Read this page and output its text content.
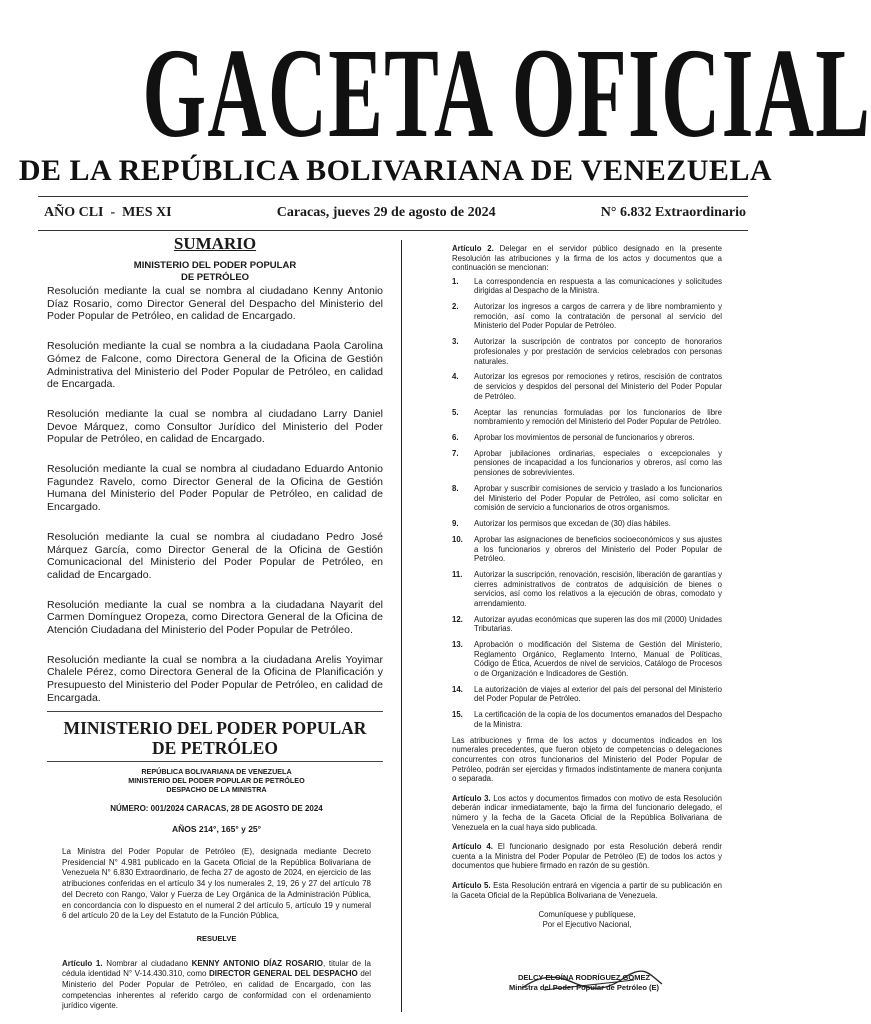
GACETA OFICIAL
DE LA REPÚBLICA BOLIVARIANA DE VENEZUELA
AÑO CLI  -  MES XI	Caracas, jueves 29 de agosto de 2024	N° 6.832 Extraordinario
SUMARIO
MINISTERIO DEL PODER POPULAR
DE PETRÓLEO
Resolución mediante la cual se nombra al ciudadano Kenny Antonio Díaz Rosario, como Director General del Despacho del Ministerio del Poder Popular de Petróleo, en calidad de Encargado.
Resolución mediante la cual se nombra a la ciudadana Paola Carolina Gómez de Falcone, como Directora General de la Oficina de Gestión Administrativa del Ministerio del Poder Popular de Petróleo, en calidad de Encargada.
Resolución mediante la cual se nombra al ciudadano Larry Daniel Devoe Márquez, como Consultor Jurídico del Ministerio del Poder Popular de Petróleo, en calidad de Encargado.
Resolución mediante la cual se nombra al ciudadano Eduardo Antonio Fagundez Ravelo, como Director General de la Oficina de Gestión Humana del Ministerio del Poder Popular de Petróleo, en calidad de Encargado.
Resolución mediante la cual se nombra al ciudadano Pedro José Márquez García, como Director General de la Oficina de Gestión Comunicacional del Ministerio del Poder Popular de Petróleo, en calidad de Encargado.
Resolución mediante la cual se nombra a la ciudadana Nayarit del Carmen Domínguez Oropeza, como Directora General de la Oficina de Atención Ciudadana del Ministerio del Poder Popular de Petróleo.
Resolución mediante la cual se nombra a la ciudadana Arelis Yoyimar Chalele Pérez, como Directora General de la Oficina de Planificación y Presupuesto del Ministerio del Poder Popular de Petróleo, en calidad de Encargada.
MINISTERIO DEL PODER POPULAR
DE PETRÓLEO
REPÚBLICA BOLIVARIANA DE VENEZUELA
MINISTERIO DEL PODER POPULAR DE PETRÓLEO
DESPACHO DE LA MINISTRA
NÚMERO: 001/2024 CARACAS, 28 DE AGOSTO DE 2024
AÑOS 214°, 165° y 25°
La Ministra del Poder Popular de Petróleo (E), designada mediante Decreto Presidencial N° 4.981 publicado en la Gaceta Oficial de la República Bolivariana de Venezuela N° 6.830 Extraordinario, de fecha 27 de agosto de 2024, en ejercicio de las atribuciones conferidas en el artículo 34 y los numerales 2, 19, 26 y 27 del artículo 78 del Decreto con Rango, Valor y Fuerza de Ley Orgánica de la Administración Pública, en concordancia con lo dispuesto en el numeral 2 del artículo 5, artículo 19 y numeral 6 del artículo 20 de la Ley del Estatuto de la Función Pública,
RESUELVE
Artículo 1. Nombrar al ciudadano KENNY ANTONIO DÍAZ ROSARIO, titular de la cédula identidad N° V-14.430.310, como DIRECTOR GENERAL DEL DESPACHO del Ministerio del Poder Popular de Petróleo, en calidad de Encargado, con las competencias inherentes al referido cargo de conformidad con el ordenamiento jurídico vigente.
Artículo 2. Delegar en el servidor público designado en la presente Resolución las atribuciones y la firma de los actos y documentos que a continuación se mencionan:
1.	La correspondencia en respuesta a las comunicaciones y solicitudes dirigidas al Despacho de la Ministra.
2.	Autorizar los ingresos a cargos de carrera y de libre nombramiento y remoción, así como la contratación de personal al servicio del Ministerio del Poder Popular de Petróleo.
3.	Autorizar la suscripción de contratos por concepto de honorarios profesionales y por prestación de servicios celebrados con personas naturales.
4.	Autorizar los egresos por remociones y retiros, rescisión de contratos de servicios y despidos del personal del Ministerio del Poder Popular de Petróleo.
5.	Aceptar las renuncias formuladas por los funcionarios de libre nombramiento y remoción del Ministerio del Poder Popular de Petróleo.
6.	Aprobar los movimientos de personal de funcionarios y obreros.
7.	Aprobar jubilaciones ordinarias, especiales o excepcionales y pensiones de incapacidad a los funcionarios y obreros, así como las pensiones de sobrevivientes.
8.	Aprobar y suscribir comisiones de servicio y traslado a los funcionarios del Ministerio del Poder Popular de Petróleo, así como solicitar en comisión de servicio a funcionarios de otros organismos.
9.	Autorizar los permisos que excedan de (30) días hábiles.
10.	Aprobar las asignaciones de beneficios socioeconómicos y sus ajustes a los funcionarios y obreros del Ministerio del Poder Popular de Petróleo.
11.	Autorizar la suscripción, renovación, rescisión, liberación de garantías y cierres administrativos de contratos de adquisición de bienes o servicios, así como los relativos a la ejecución de obras, comodato y arrendamiento.
12.	Autorizar ayudas económicas que superen las dos mil (2000) Unidades Tributarias.
13.	Aprobación o modificación del Sistema de Gestión del Ministerio, Reglamento Orgánico, Reglamento Interno, Manual de Políticas, Código de Ética, Acuerdos de nivel de servicios, Catálogo de Procesos o de Organización e Indicadores de Gestión.
14.	La autorización de viajes al exterior del país del personal del Ministerio del Poder Popular de Petróleo.
15.	La certificación de la copia de los documentos emanados del Despacho de la Ministra.
Las atribuciones y firma de los actos y documentos indicados en los numerales precedentes, que fueron objeto de competencias o delegaciones concurrentes con otros funcionarios del Ministerio del Poder Popular de Petróleo, podrán ser ejercidas y firmados indistintamente de manera conjunta o separada.
Artículo 3. Los actos y documentos firmados con motivo de esta Resolución deberán indicar inmediatamente, bajo la firma del funcionario delegado, el número y la fecha de la Gaceta Oficial de la República Bolivariana de Venezuela en la cual haya sido publicada.
Artículo 4. El funcionario designado por esta Resolución deberá rendir cuenta a la Ministra del Poder Popular de Petróleo (E) de todos los actos y documentos que hubiere firmado en razón de su gestión.
Artículo 5. Esta Resolución entrará en vigencia a partir de su publicación en la Gaceta Oficial de la República Bolivariana de Venezuela.
Comuníquese y publíquese,
Por el Ejecutivo Nacional,
DELCY ELOÍNA RODRÍGUEZ GÓMEZ
Ministra del Poder Popular de Petróleo (E)
